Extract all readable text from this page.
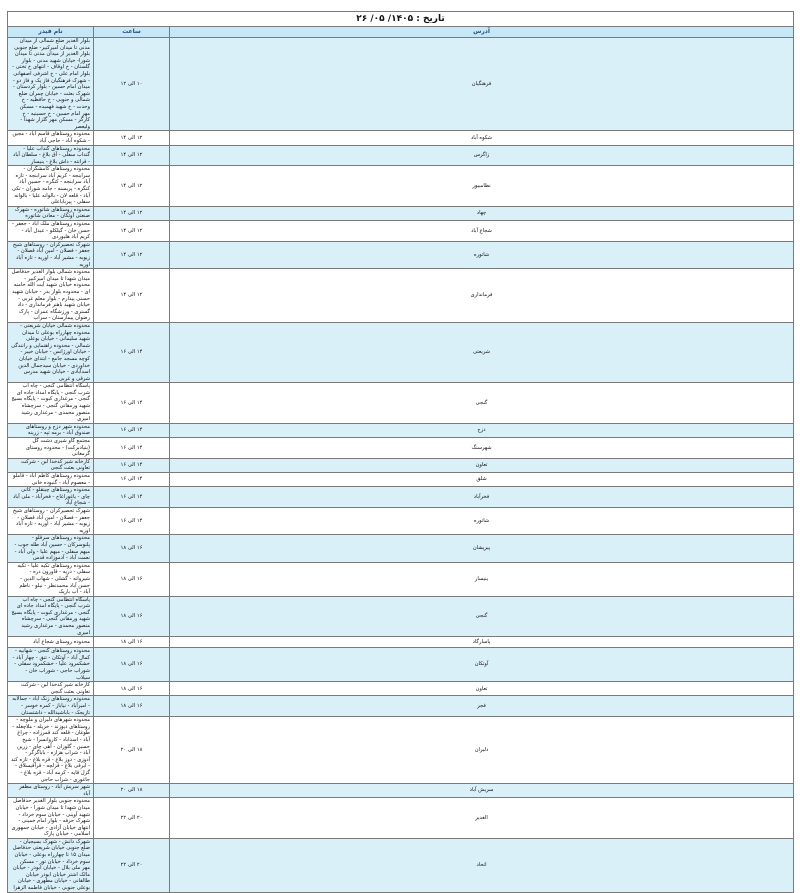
تاریخ : ۱۴۰۵/ ۰۵/ ۲۶		
آدرس	ساعت	نام فیدر
فرهنگیان	۱۰ الی ۱۲	بلوار الغدیر ضلع شمالی از میدان مدنی تا میدان امیرکبیر- ضلع جنوبی بلوار الغدیر از میدان مدنی تا میدان شورا- خیابان شهید مدنی - بلوار گلستان - خ اوقاف - انتهای خ تختی - بلوار امام علی - خ اشرفی اصفهانی - شهرک فرهنگیان فاز یک و فاز دو - میدان امام حسین - بلوار کردستان - شهرک بعثت - خیابان چمران ضلع شمالی و جنوبی - خ حافظیه - خ وحدت - خ شهید فهمیده - مسکن مهر امام حسین - خ حسینیه - خ کارگر - مسکن مهر گلزار شهدا - ولیعصر
شکوه آباد	۱۲ الی ۱۴	محدوده روستاهای قاسم آباد - مجین - شکوه آباد - حاجی آباد
زاگرس	۱۲ الی ۱۴	محدوده روستاهای گندآب علیا - گنداب سفلی - آق بلاغ - سلطان آباد - قرانته - داش بلاغ - ینیسار
نظامبیور	۱۲ الی ۱۴	محدوده روستاهای کامشگران - سرابنجه - کریم آباد سرابنجه - تازه آباد سرابنجه - کنگره - حسین آباد کنگره - پریسنه - جامه شوران - تکی آباد - قلعه لان - بالوانه علیا - بالوانه سفلی - پیرباباعلی
چهاد	۱۲ الی ۱۴	محدوده روستاهای شاتوره - شهرک صنعتی آوتکان - معادن شاتوره
شجاع آباد	۱۲ الی ۱۴	محدوده روستاهای ملک آباد - جعفر - حسن خان - گیلکلو - عبدل آباد - کریم آباد هلیوردی
شاتوره	۱۲ الی ۱۴	شهرک تحصیرکران - روستاهای شیخ جعفر - فصلان - امین آباد قصلان - زیوبه - مشیر آباد - اوریه - تازه آباد اوریه
فرمانداری	۱۲ الی ۱۴	محدوده شمالی بلوار الغدیر حدفاصل میدان شهدا تا میدان امیرکبیر - محدوده خیابان شهید آیت الله خامنه ای - محدوده بلوار بدر - خیابان شهید حسنی پیدارم - بلوار معلم غربی - خیابان شهید باهنر فرمانداری - داد گستری - ورزشگاه عمران - پارک رضوان پیمارستان - سراب
شریعتی	۱۴ الی ۱۶	محدوده شمالی خیابان شریعتی - محدوده چهارراه بوعلی تا میدان شهید سلیمانی - خیابان بوعلی شمالی - محدوده راهنمایی و رانندگی - خیابان اورژانس - خیابان خیبر - کوچه مسجد جامع - ابتدای خیابان خداوردی - خیابان سیدجمال الدین اسدآبادی - خیابان شهید مدرس شرقی و غربی
گنجی	۱۴ الی ۱۶	پاسگاه انتظامی گنجی - چاه آب شرب گنجی - پایگاه امداد جاده ای گنجی - مرغداری کبوت - پایگاه بسیج شهید ورمقانی گنجی - سرچشاه منصور محمدی - مرغداری رشید امیری
دزج	۱۴ الی ۱۶	محدوده شهر دزج و روستاهای صندوق آباد - برمه تپه - زرینه
شهرسنگ	۱۴ الی ۱۶	مجتمع گاو شیری دشت گل (بنیادبرکت) - محدوده روستای گرمغانی
تعاون	۱۴ الی ۱۶	کارخانه شیر کدخدا لبن - شرکت تعاونی بعثت گنجی
شلق	۱۴ الی ۱۶	محدوده روستاهای کاظم آباد - قاملو - معصوم آباد - گنبوده خانی
فخرآباد	۱۴ الی ۱۶	محدوده روستاهای چینقلو - کانی چای - یاغوراغاج - فخرآباد - ملی آباد - شجاع آباد
شاتوره	۱۴ الی ۱۶	شهرک تحصیرکران - روستاهای شیخ جعفر - فصلان - امین آباد قصلان - زیوبه - مشیر آباد - اوریه - تازه آباد اوریه
پیرپشان	۱۶ الی ۱۸	محدوده روستاهای سرقلو - پلنوسرکان - حسین آباد طله جوب - میهم سفلی - میهم علیا - ولی آباد - نعمت آباد - آدموزاده قدس
ینیسار	۱۶ الی ۱۸	محدوده روستاهای تکیه علیا - تکیه سفلی - دریه - قاورون دره - شیروانه - گشلی - شهاب الدین - حسن آباد محمدنظر - نیلو - ناظم آباد - آب باریک
گنجی	۱۶ الی ۱۸	پاسگاه انتظامی گنجی - چاه آب شرب گنجی - پایگاه امداد جاده ای گنجی - مرغداری کبوت - پایگاه بسیج شهید ورمقانی گنجی - سرچشاه منصور محمدی - مرغداری رشید امیری
پاسارگاد	۱۶ الی ۱۸	محدوده روستای شجاع آباد
آوتکان	۱۶ الی ۱۸	محدوده روستاهای گنجی - شهابیه - کمال آباد - آوتکان - تنق - چهار آباد - خشکمرود علیا - خشکمرود سفلی - شوراب حاجی - شوراب خان - سیلاب
تعاون	۱۶ الی ۱۸	کارخانه شیر کدخدا لبن - شرکت تعاونی بعثت گنجی
فجر	۱۶ الی ۱۸	محدوده روستاهای زنگ آباد - جمالابه - امیرآباد - نیاباز - کمره خوسر - تازیجک - باباشیدالله - داشتستان
دلیران	۱۸ الی ۲۰	محدوده شهرهای دلیران و ملوچه - روستاهای دیوزند - خریله - ملاچغله - طوغان - قلعه کند قمرزاده - چراغ آباد - اسداباد - کاروانسرا - شیخ حسین - گلوزان - آهی چای - زرین آباد - شراب هزاره - باباگرگر - آدوزی - دوز بلاغ - قره بلاغ - تازه کند - ایرقی بلاغ - قزلچه - قراقیسلاق - گزل قایه - کرمه آباد - قره بلاغ - جاغوری - شراب حاجی
سریش آباد	۱۸ الی ۲۰	شهر سریش آباد - روستای مظفر آباد
الغدیر	۲۰ الی ۲۲	محدوده جنوبی بلوار الغدیر حدفاصل میدان شهدا تا میدان شورا - خیابان شهید آوینی - خیابان سوم خرداد - شهرک حرفه - بلوار امام خمینی - انتهای خیابان آزادی - خیابان جمهوری اسلامی - خیابان پارک
اتحاد	۲۰ الی ۲۲	شهرک دانش - شهرک بسیجیان - ضلع جنوبی خیابان شریعتی حدفاصل میدان ۱۵ تا چهارراه بوعلی - خیابان سوم خرداد - خیابان تور - مسکن مهر ملی بلال - خیابان ابوذر - خیابان مالک اشتر خیابان ابوذر خیابان طالقانی - خیابان مطهری - خیابان بوعلی جنوبی - خیابان فاطمه الزهرا
